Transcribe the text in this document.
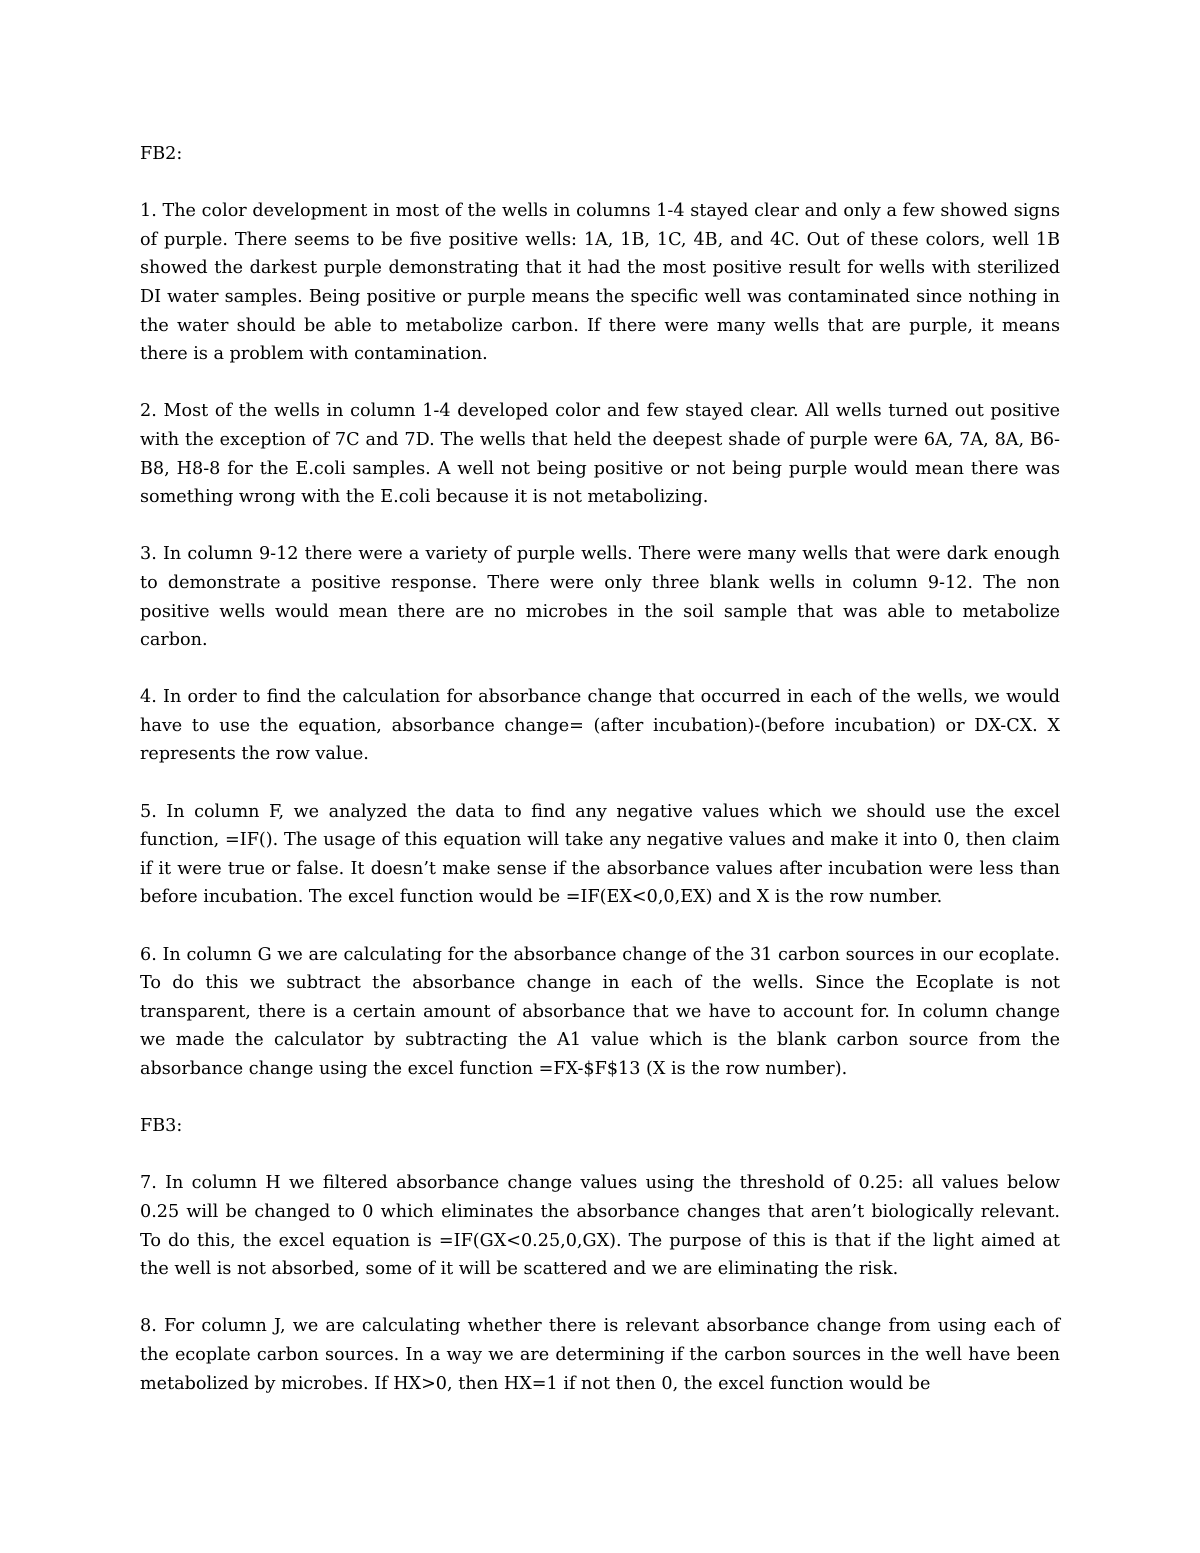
FB2:

1. The color development in most of the wells in columns 1-4 stayed clear and only a few showed signs of purple. There seems to be five positive wells: 1A, 1B, 1C, 4B, and 4C. Out of these colors, well 1B showed the darkest purple demonstrating that it had the most positive result for wells with sterilized DI water samples. Being positive or purple means the specific well was contaminated since nothing in the water should be able to metabolize carbon. If there were many wells that are purple, it means there is a problem with contamination.

2. Most of the wells in column 1-4 developed color and few stayed clear. All wells turned out positive with the exception of 7C and 7D. The wells that held the deepest shade of purple were 6A, 7A, 8A, B6-B8, H8-8 for the E.coli samples. A well not being positive or not being purple would mean there was something wrong with the E.coli because it is not metabolizing.

3. In column 9-12 there were a variety of purple wells. There were many wells that were dark enough to demonstrate a positive response. There were only three blank wells in column 9-12. The non positive wells would mean there are no microbes in the soil sample that was able to metabolize carbon.

4. In order to find the calculation for absorbance change that occurred in each of the wells, we would have to use the equation, absorbance change= (after incubation)-(before incubation) or DX-CX. X represents the row value.

5. In column F, we analyzed the data to find any negative values which we should use the excel function, =IF(). The usage of this equation will take any negative values and make it into 0, then claim if it were true or false. It doesn’t make sense if the absorbance values after incubation were less than before incubation. The excel function would be =IF(EX<0,0,EX) and X is the row number.

6. In column G we are calculating for the absorbance change of the 31 carbon sources in our ecoplate. To do this we subtract the absorbance change in each of the wells. Since the Ecoplate is not transparent, there is a certain amount of absorbance that we have to account for. In column change we made the calculator by subtracting the A1 value which is the blank carbon source from the absorbance change using the excel function =FX-$F$13 (X is the row number).

FB3:

7. In column H we filtered absorbance change values using the threshold of 0.25: all values below 0.25 will be changed to 0 which eliminates the absorbance changes that aren’t biologically relevant. To do this, the excel equation is =IF(GX<0.25,0,GX). The purpose of this is that if the light aimed at the well is not absorbed, some of it will be scattered and we are eliminating the risk.

8. For column J, we are calculating whether there is relevant absorbance change from using each of the ecoplate carbon sources. In a way we are determining if the carbon sources in the well have been metabolized by microbes. If HX>0, then HX=1 if not then 0, the excel function would be
